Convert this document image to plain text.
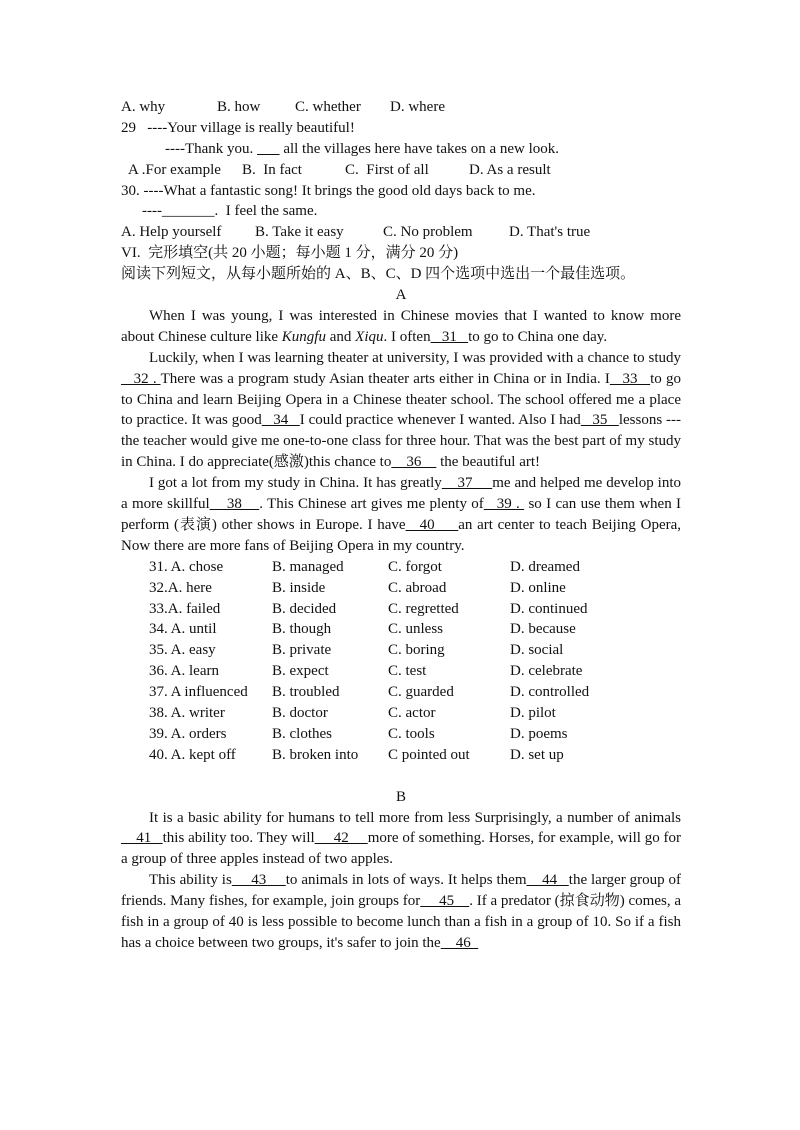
A. why	B. how	C. whether	D. where
29   ----Your village is really beautiful!
----Thank you.        all the villages here have takes on a new look.
A .For example	B.  In fact	C.  First of all	D. As a result
30. ----What a fantastic song! It brings the good old days back to me.
----_______.  I feel the same.
A. Help yourself	B. Take it easy	C. No problem	D. That's true
VI.  完形填空(共 20 小题；每小题 1 分，满分 20 分)
阅读下列短文，从每小题所始的 A、B、C、D 四个选项中选出一个最佳选项。
A
When I was young, I was interested in Chinese movies that I wanted to know more about Chinese culture like Kungfu and Xiqu. I often   31   to go to China one day.
Luckily, when I was learning theater at university, I was provided with a chance to study   32 . There was a program study Asian theater arts either in China or in India. I   33   to go to China and learn Beijing Opera in a Chinese theater school. The school offered me a place to practice. It was good   34   I could practice whenever I wanted. Also I had   35   lessons ---the teacher would give me one-to-one class for three hour. That was the best part of my study in China. I do appreciate(感激)this chance to    36     the beautiful art!
I got a lot from my study in China. It has greatly    37     me and helped me develop into a more skillful    38    . This Chinese art gives me plenty of   39 .  so I can use them when I perform (表演) other shows in Europe. I have   40     an art center to teach Beijing Opera, Now there are more fans of Beijing Opera in my country.
31. A. chose	B. managed	C. forgot	D. dreamed
32.A. here	B. inside	C. abroad	D. online
33.A. failed	B. decided	C. regretted	D. continued
34. A. until	B. though	C. unless	D. because
35. A. easy	B. private	C. boring	D. social
36. A. learn	B. expect	C. test	D. celebrate
37. A influenced	B. troubled	C. guarded	D. controlled
38. A. writer	B. doctor	C. actor	D. pilot
39. A. orders	B. clothes	C. tools	D. poems
40. A. kept off	B. broken into	C pointed out	D. set up
B
It is a basic ability for humans to tell more from less Surprisingly, a number of animals    41   this ability too. They will     42     more of something. Horses, for example, will go for a group of three apples instead of two apples.
This ability is     43     to animals in lots of ways. It helps them    44   the larger group of friends. Many fishes, for example, join groups for     45    . If a predator (掠食动物) comes, a fish in a group of 40 is less possible to become lunch than a fish in a group of 10. So if a fish has a choice between two groups, it's safer to join the    46
